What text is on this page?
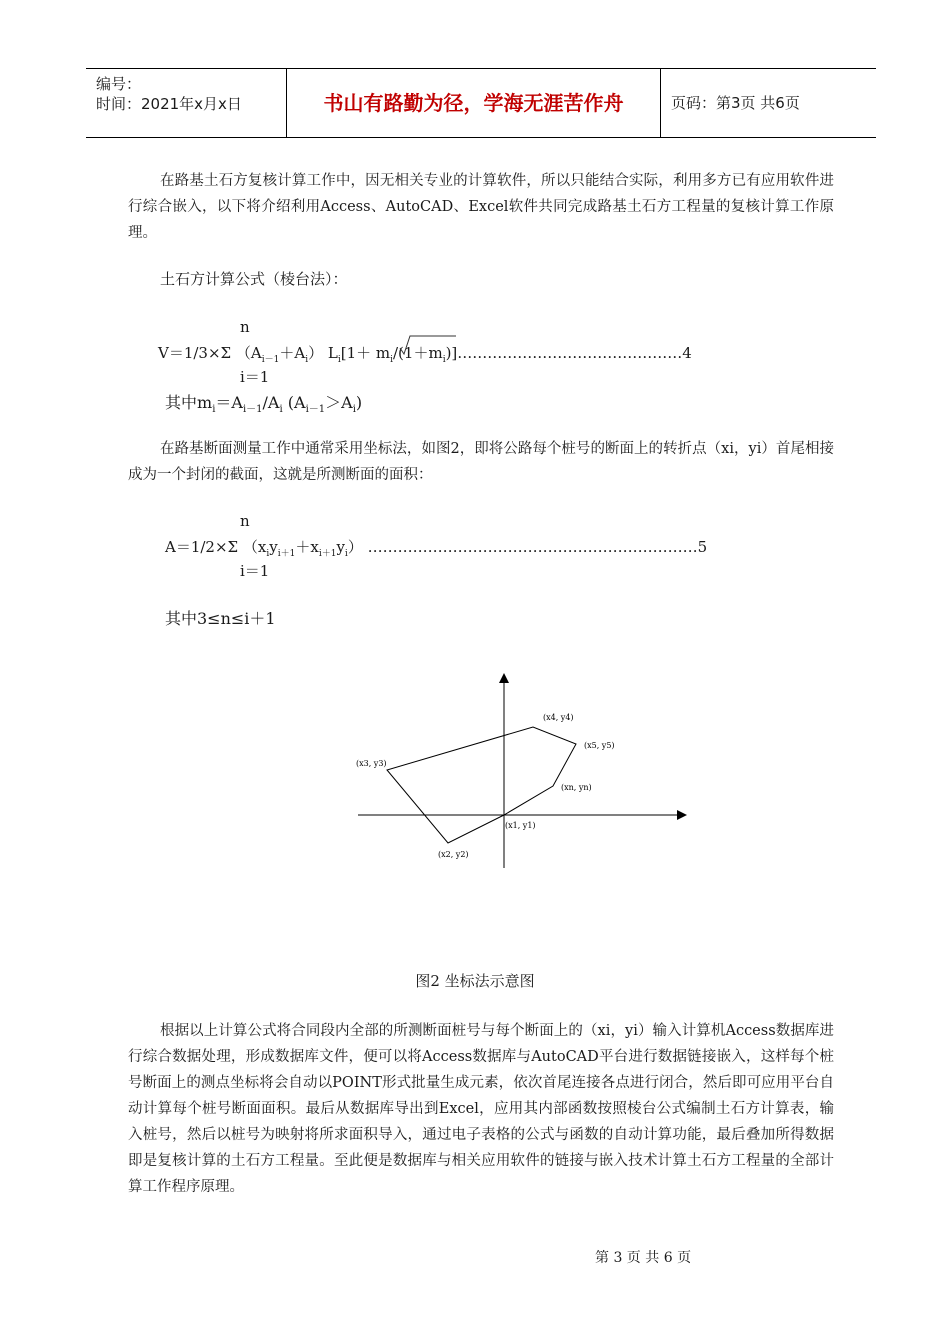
编号：
时间：2021年x月x日	书山有路勤为径，学海无涯苦作舟	页码：第3页 共6页
在路基土石方复核计算工作中，因无相关专业的计算软件，所以只能结合实际，利用多方已有应用软件进行综合嵌入，以下将介绍利用Access、AutoCAD、Excel软件共同完成路基土石方工程量的复核计算工作原理。
土石方计算公式（棱台法）：
n
V＝1/3×Σ $(A_{i-1}+A_i)$ $L_i[1+$ $m_i/(1+m_i)]\dots\dots\dots\dots\dots\dots\dots\dots\dots\dots\dots\dots\dots\dots\dots 4$
i＝1
其中$m_i=A_{i-1}/A_i$ $(A_{i-1}>A_i)$
在路基断面测量工作中通常采用坐标法，如图2，即将公路每个桩号的断面上的转折点（xi，yi）首尾相接成为一个封闭的截面，这就是所测断面的面积：
n
A＝1/2×Σ $(x_iy_{i+1}+x_{i+1}y_i)$ …………………………………………………………5
i＝1
其中3≤n≤i＋1
(x4, y4)
(x5, y5)
(x3, y3)
(xn, yn)
(x1, y1)
(x2, y2)
图2 坐标法示意图
根据以上计算公式将合同段内全部的所测断面桩号与每个断面上的（xi，yi）输入计算机Access数据库进行综合数据处理，形成数据库文件，便可以将Access数据库与AutoCAD平台进行数据链接嵌入，这样每个桩号断面上的测点坐标将会自动以POINT形式批量生成元素，依次首尾连接各点进行闭合，然后即可应用平台自动计算每个桩号断面面积。最后从数据库导出到Excel，应用其内部函数按照棱台公式编制土石方计算表，输入桩号，然后以桩号为映射将所求面积导入，通过电子表格的公式与函数的自动计算功能，最后叠加所得数据即是复核计算的土石方工程量。至此便是数据库与相关应用软件的链接与嵌入技术计算土石方工程量的全部计算工作程序原理。
第 3 页 共 6 页
